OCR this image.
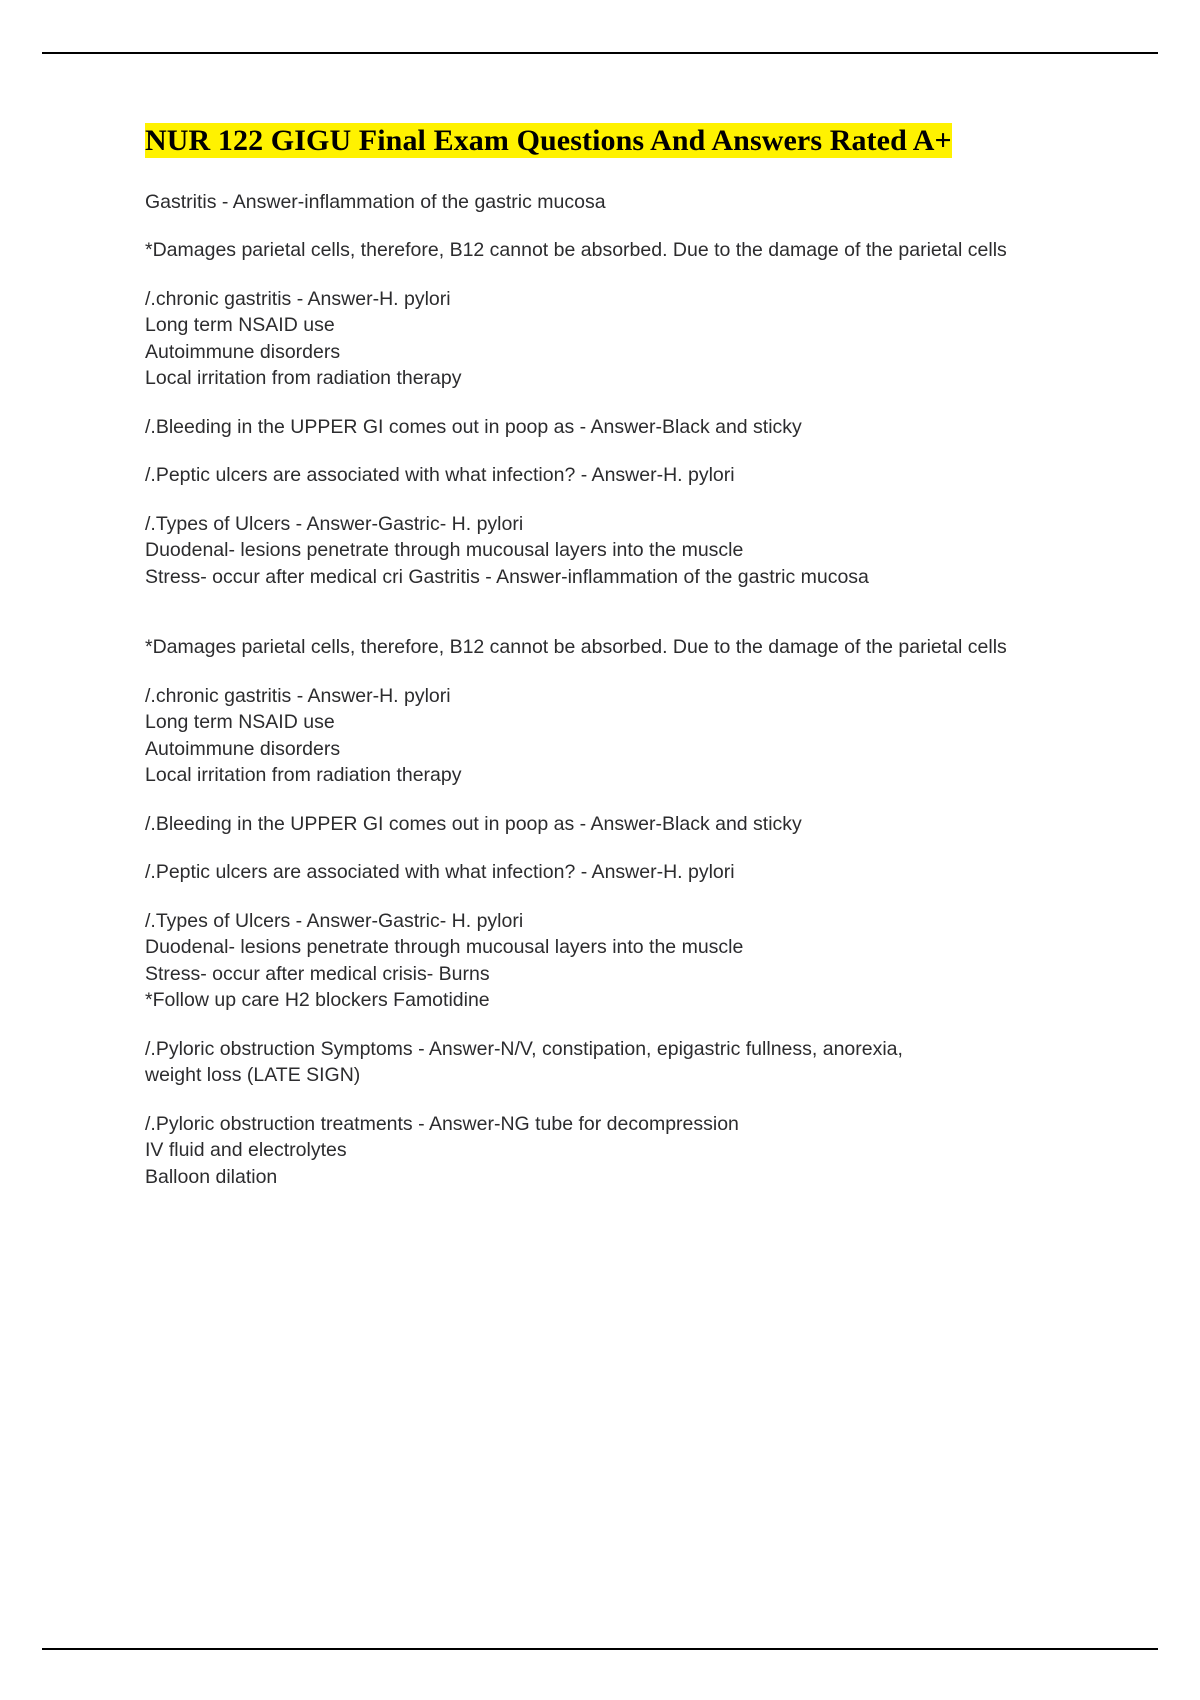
NUR 122 GIGU Final Exam Questions And Answers Rated A+

Gastritis - Answer-inflammation of the gastric mucosa

*Damages parietal cells, therefore, B12 cannot be absorbed. Due to the damage of the parietal cells

/.chronic gastritis - Answer-H. pylori
Long term NSAID use
Autoimmune disorders
Local irritation from radiation therapy

/.Bleeding in the UPPER GI comes out in poop as - Answer-Black and sticky

/.Peptic ulcers are associated with what infection? - Answer-H. pylori

/.Types of Ulcers - Answer-Gastric- H. pylori
Duodenal- lesions penetrate through mucousal layers into the muscle
Stress- occur after medical cri Gastritis - Answer-inflammation of the gastric mucosa

*Damages parietal cells, therefore, B12 cannot be absorbed. Due to the damage of the parietal cells

/.chronic gastritis - Answer-H. pylori
Long term NSAID use
Autoimmune disorders
Local irritation from radiation therapy

/.Bleeding in the UPPER GI comes out in poop as - Answer-Black and sticky

/.Peptic ulcers are associated with what infection? - Answer-H. pylori

/.Types of Ulcers - Answer-Gastric- H. pylori
Duodenal- lesions penetrate through mucousal layers into the muscle
Stress- occur after medical crisis- Burns
*Follow up care H2 blockers Famotidine

/.Pyloric obstruction Symptoms - Answer-N/V, constipation, epigastric fullness, anorexia,
weight loss (LATE SIGN)

/.Pyloric obstruction treatments - Answer-NG tube for decompression
IV fluid and electrolytes
Balloon dilation
